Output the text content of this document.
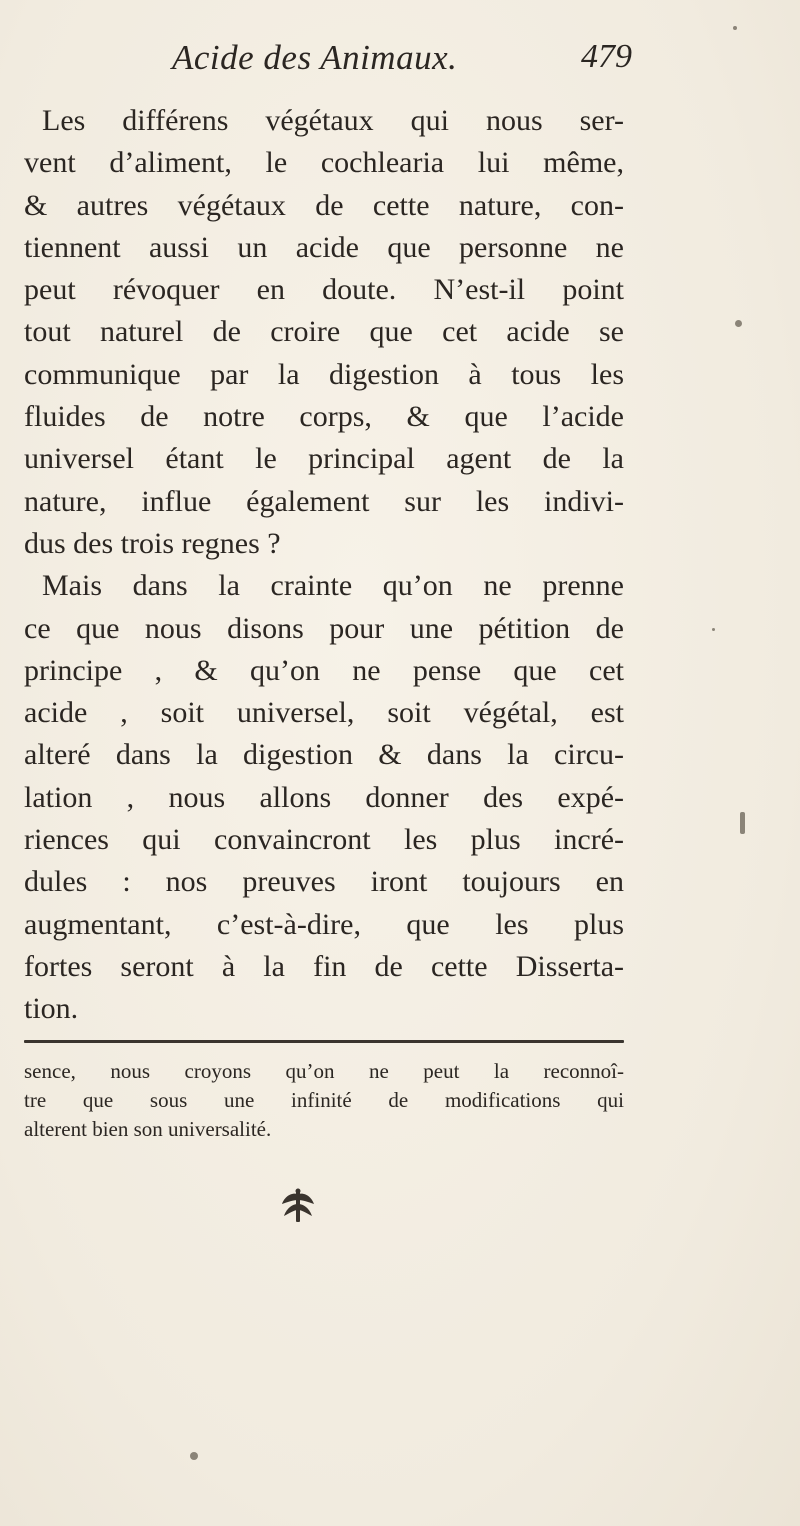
Acide des Animaux.	479
Les différens végétaux qui nous ser-
vent d’aliment, le cochlearia lui même,
& autres végétaux de cette nature, con-
tiennent aussi un acide que personne ne
peut révoquer en doute. N’est-il point
tout naturel de croire que cet acide se
communique par la digestion à tous les
fluides de notre corps, & que l’acide
universel étant le principal agent de la
nature, influe également sur les indivi-
dus des trois regnes ?
Mais dans la crainte qu’on ne prenne
ce que nous disons pour une pétition de
principe , & qu’on ne pense que cet
acide , soit universel, soit végétal, est
alteré dans la digestion & dans la circu-
lation , nous allons donner des expé-
riences qui convaincront les plus incré-
dules : nos preuves iront toujours en
augmentant, c’est-à-dire, que les plus
fortes seront à la fin de cette Disserta-
tion.
sence, nous croyons qu’on ne peut la reconnoî-
tre que sous une infinité de modifications qui
alterent bien son universalité.
